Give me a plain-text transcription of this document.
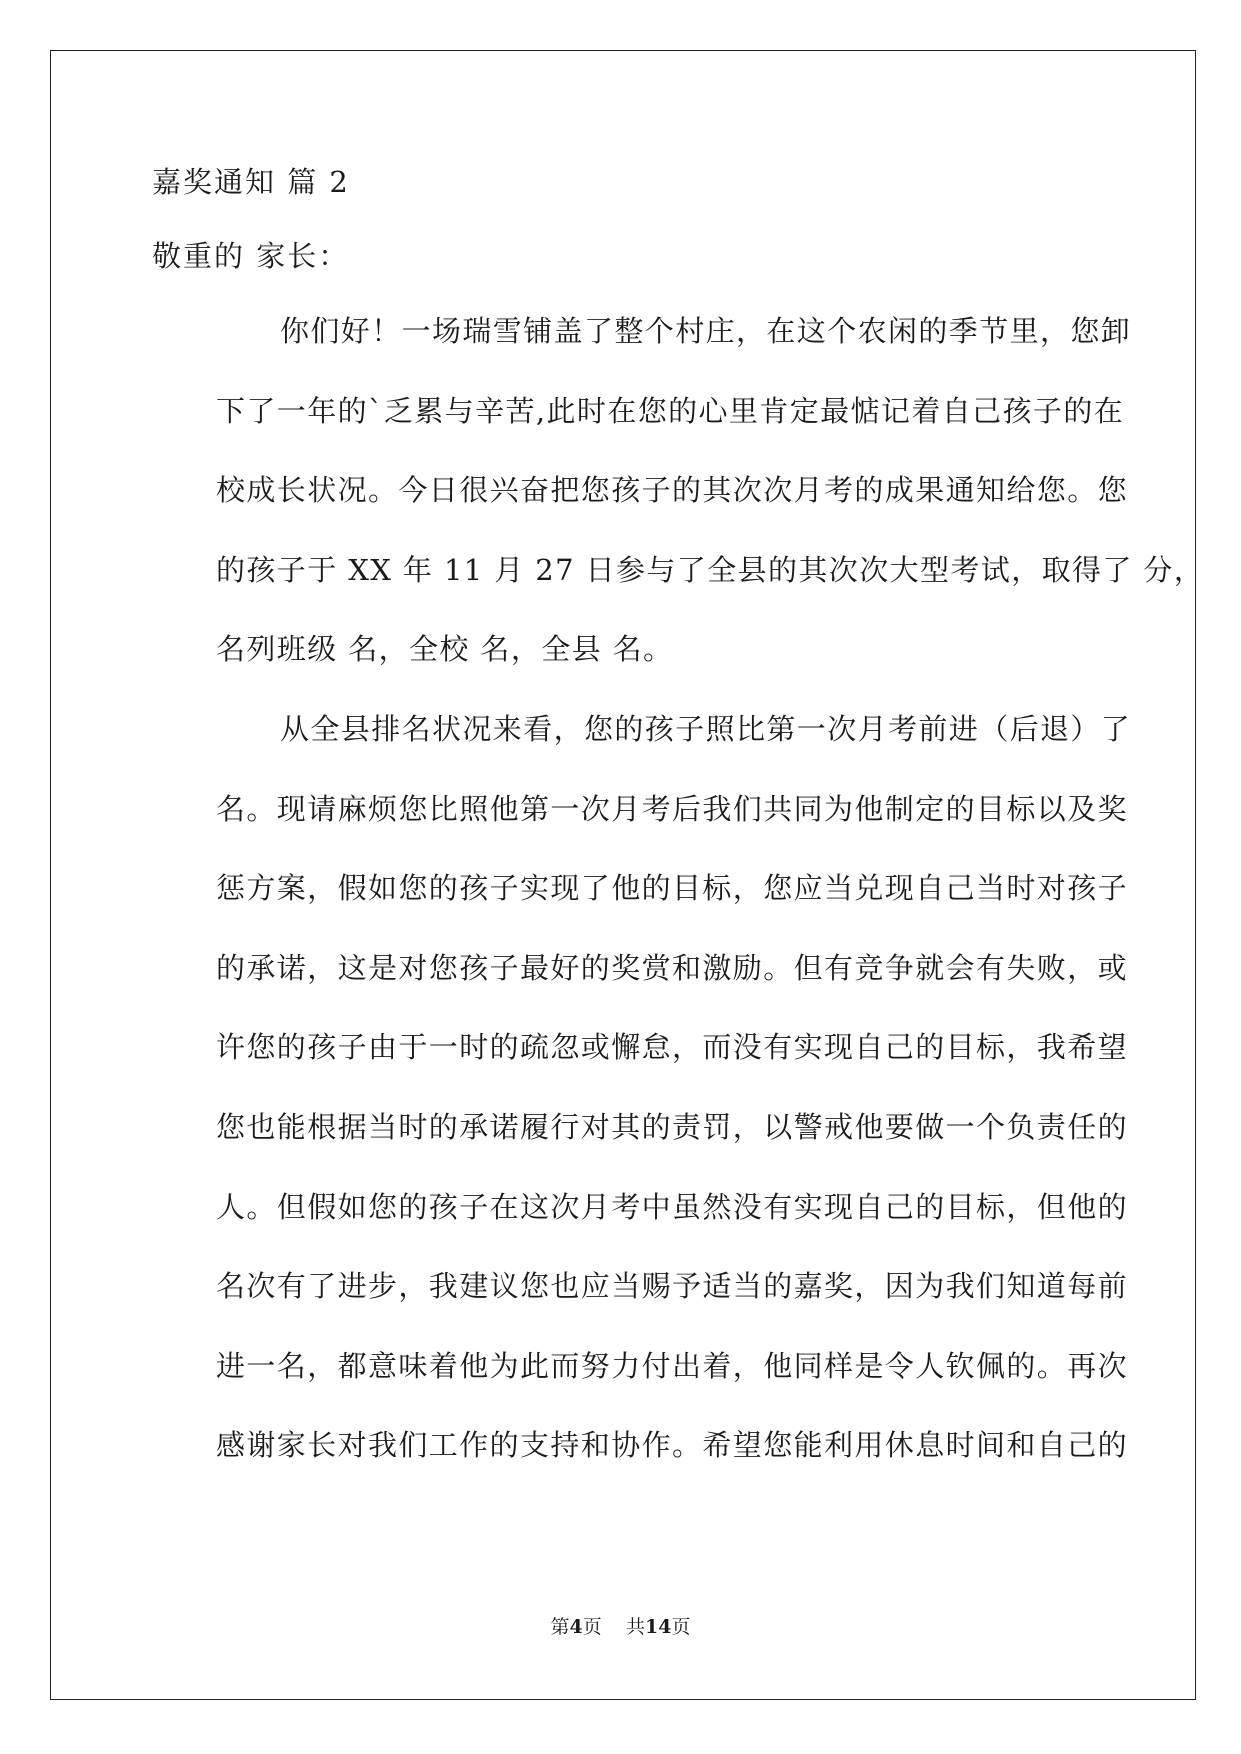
嘉奖通知 篇 2
敬重的 家长：
你们好！一场瑞雪铺盖了整个村庄，在这个农闲的季节里，您卸
下了一年的`乏累与辛苦,此时在您的心里肯定最惦记着自己孩子的在
校成长状况。今日很兴奋把您孩子的其次次月考的成果通知给您。您
的孩子于 XX 年 11 月 27 日参与了全县的其次次大型考试，取得了 分，
名列班级 名，全校 名，全县 名。
从全县排名状况来看，您的孩子照比第一次月考前进（后退）了
名。现请麻烦您比照他第一次月考后我们共同为他制定的目标以及奖
惩方案，假如您的孩子实现了他的目标，您应当兑现自己当时对孩子
的承诺，这是对您孩子最好的奖赏和激励。但有竞争就会有失败，或
许您的孩子由于一时的疏忽或懈怠，而没有实现自己的目标，我希望
您也能根据当时的承诺履行对其的责罚，以警戒他要做一个负责任的
人。但假如您的孩子在这次月考中虽然没有实现自己的目标，但他的
名次有了进步，我建议您也应当赐予适当的嘉奖，因为我们知道每前
进一名，都意味着他为此而努力付出着，他同样是令人钦佩的。再次
感谢家长对我们工作的支持和协作。希望您能利用休息时间和自己的
第4页 共14页
